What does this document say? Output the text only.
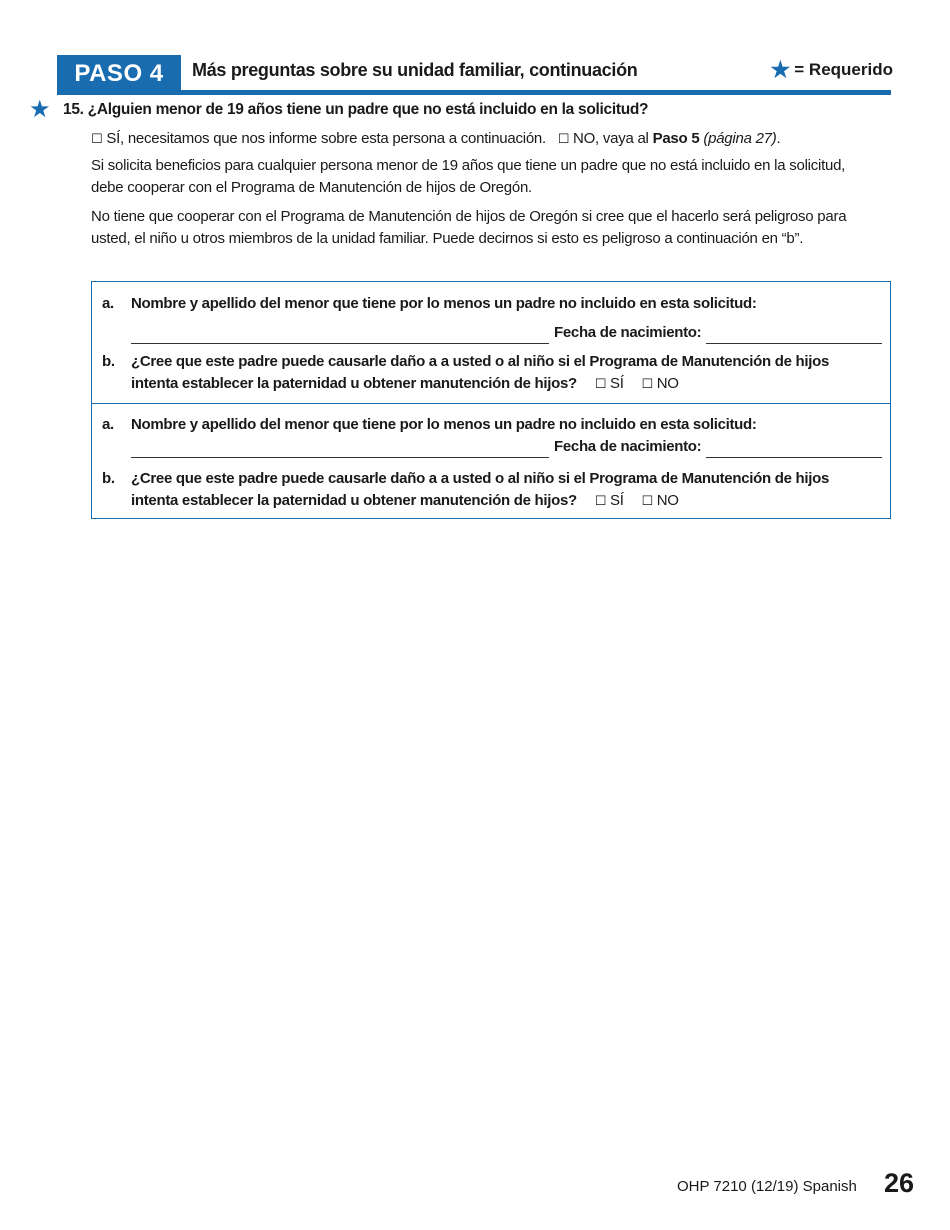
PASO 4	Más preguntas sobre su unidad familiar, continuación	★ = Requerido
★ 15. ¿Alguien menor de 19 años tiene un padre que no está incluido en la solicitud?
☐ SÍ, necesitamos que nos informe sobre esta persona a continuación. ☐ NO, vaya al Paso 5 (página 27).
Si solicita beneficios para cualquier persona menor de 19 años que tiene un padre que no está incluido en la solicitud, debe cooperar con el Programa de Manutención de hijos de Oregón.
No tiene que cooperar con el Programa de Manutención de hijos de Oregón si cree que el hacerlo será peligroso para usted, el niño u otros miembros de la unidad familiar. Puede decirnos si esto es peligroso a continuación en “b”.
a. Nombre y apellido del menor que tiene por lo menos un padre no incluido en esta solicitud:
Fecha de nacimiento:
b. ¿Cree que este padre puede causarle daño a a usted o al niño si el Programa de Manutención de hijos
intenta establecer la paternidad u obtener manutención de hijos? ☐ SÍ ☐ NO
a. Nombre y apellido del menor que tiene por lo menos un padre no incluido en esta solicitud:
Fecha de nacimiento:
b. ¿Cree que este padre puede causarle daño a a usted o al niño si el Programa de Manutención de hijos
intenta establecer la paternidad u obtener manutención de hijos? ☐ SÍ ☐ NO
OHP 7210 (12/19) Spanish 26
